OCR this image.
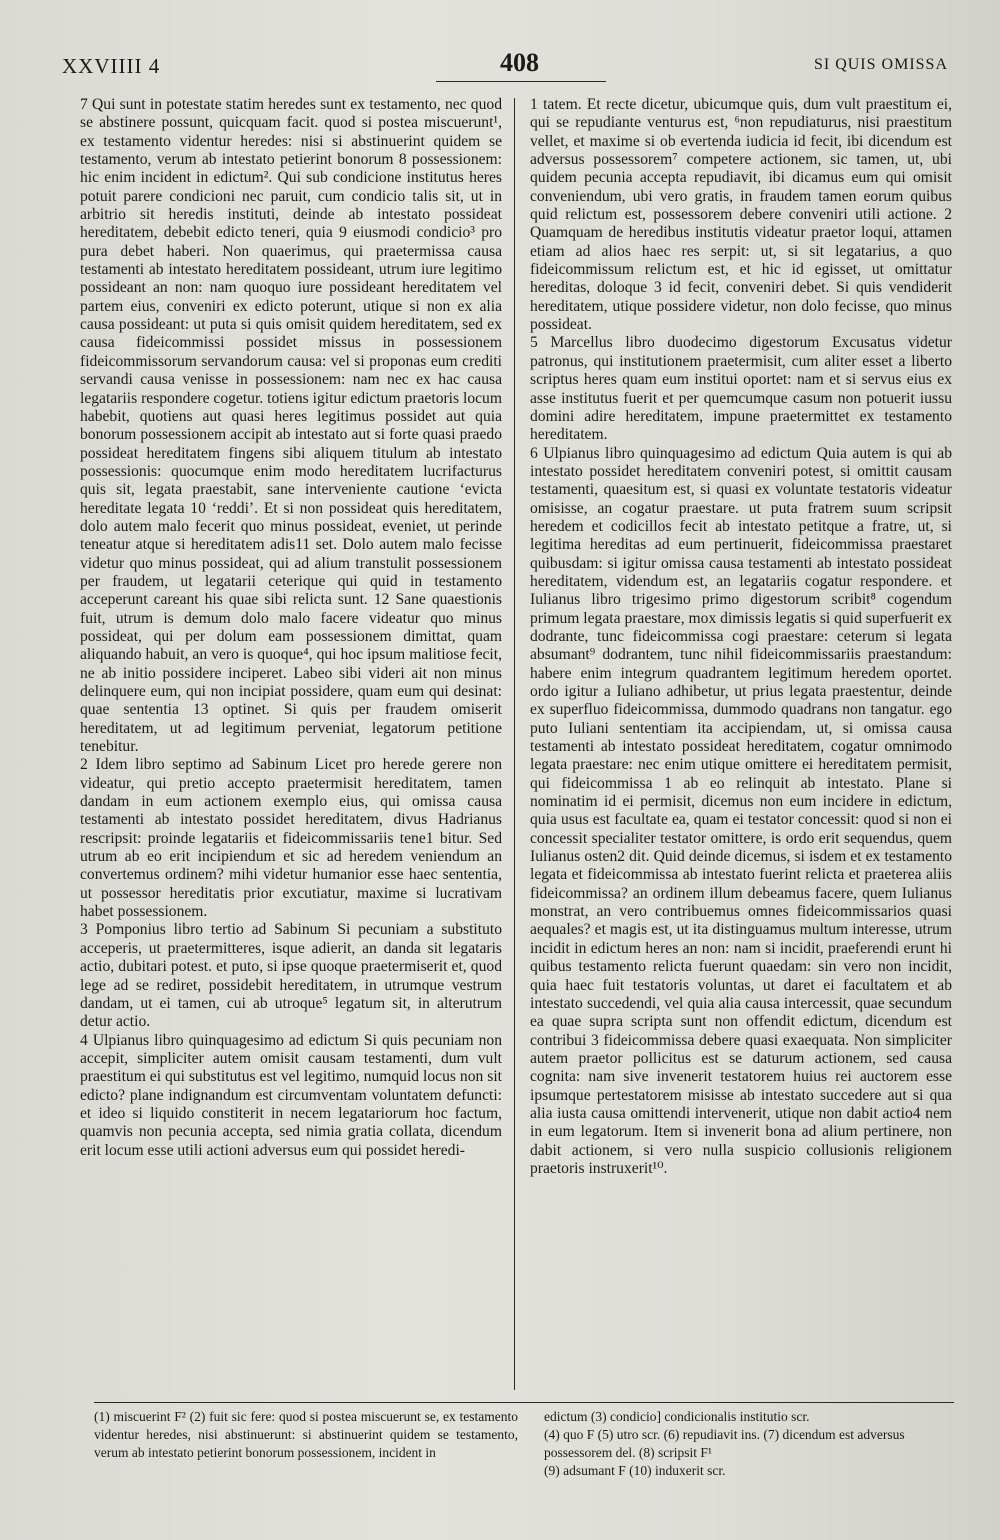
XXVIIII 4	408	SI QUIS OMISSA

7 Qui sunt in potestate statim heredes sunt ex testamento, nec quod se abstinere possunt, quicquam facit. quod si postea miscuerunt¹, ex testamento videntur heredes: nisi si abstinuerint quidem se testamento, verum ab intestato petierint bonorum 8 possessionem: hic enim incident in edictum². Qui sub condicione institutus heres potuit parere condicioni nec paruit, cum condicio talis sit, ut in arbitrio sit heredis instituti, deinde ab intestato possideat hereditatem, debebit edicto teneri, quia 9 eiusmodi condicio³ pro pura debet haberi. Non quaerimus, qui praetermissa causa testamenti ab intestato hereditatem possideant, utrum iure legitimo possideant an non: nam quoquo iure possideant hereditatem vel partem eius, conveniri ex edicto poterunt, utique si non ex alia causa possideant: ut puta si quis omisit quidem hereditatem, sed ex causa fideicommissi possidet missus in possessionem fideicommissorum servandorum causa: vel si proponas eum crediti servandi causa venisse in possessionem: nam nec ex hac causa legatariis respondere cogetur. totiens igitur edictum praetoris locum habebit, quotiens aut quasi heres legitimus possidet aut quia bonorum possessionem accipit ab intestato aut si forte quasi praedo possideat hereditatem fingens sibi aliquem titulum ab intestato possessionis: quocumque enim modo hereditatem lucrifacturus quis sit, legata praestabit, sane interveniente cautione ‘evicta hereditate legata 10 ‘reddi’. Et si non possideat quis hereditatem, dolo autem malo fecerit quo minus possideat, eveniet, ut perinde teneatur atque si hereditatem adis11 set. Dolo autem malo fecisse videtur quo minus possideat, qui ad alium transtulit possessionem per fraudem, ut legatarii ceterique qui quid in testamento acceperunt careant his quae sibi relicta sunt. 12 Sane quaestionis fuit, utrum is demum dolo malo facere videatur quo minus possideat, qui per dolum eam possessionem dimittat, quam aliquando habuit, an vero is quoque⁴, qui hoc ipsum malitiose fecit, ne ab initio possidere inciperet. Labeo sibi videri ait non minus delinquere eum, qui non incipiat possidere, quam eum qui desinat: quae sententia 13 optinet. Si quis per fraudem omiserit hereditatem, ut ad legitimum perveniat, legatorum petitione tenebitur.

2 Idem libro septimo ad Sabinum Licet pro herede gerere non videatur, qui pretio accepto praetermisit hereditatem, tamen dandam in eum actionem exemplo eius, qui omissa causa testamenti ab intestato possidet hereditatem, divus Hadrianus rescripsit: proinde legatariis et fideicommissariis tene1 bitur. Sed utrum ab eo erit incipiendum et sic ad heredem veniendum an convertemus ordinem? mihi videtur humanior esse haec sententia, ut possessor hereditatis prior excutiatur, maxime si lucrativam habet possessionem.

3 Pomponius libro tertio ad Sabinum Si pecuniam a substituto acceperis, ut praetermitteres, isque adierit, an danda sit legataris actio, dubitari potest. et puto, si ipse quoque praetermiserit et, quod lege ad se rediret, possidebit hereditatem, in utrumque vestrum dandam, ut ei tamen, cui ab utroque⁵ legatum sit, in alterutrum detur actio.

4 Ulpianus libro quinquagesimo ad edictum Si quis pecuniam non accepit, simpliciter autem omisit causam testamenti, dum vult praestitum ei qui substitutus est vel legitimo, numquid locus non sit edicto? plane indignandum est circumventam voluntatem defuncti: et ideo si liquido constiterit in necem legatariorum hoc factum, quamvis non pecunia accepta, sed nimia gratia collata, dicendum erit locum esse utili actioni adversus eum qui possidet heredi-

1 tatem. Et recte dicetur, ubicumque quis, dum vult praestitum ei, qui se repudiante venturus est, ⁶non repudiaturus, nisi praestitum vellet, et maxime si ob evertenda iudicia id fecit, ibi dicendum est adversus possessorem⁷ competere actionem, sic tamen, ut, ubi quidem pecunia accepta repudiavit, ibi dicamus eum qui omisit conveniendum, ubi vero gratis, in fraudem tamen eorum quibus quid relictum est, possessorem debere conveniri utili actione. 2 Quamquam de heredibus institutis videatur praetor loqui, attamen etiam ad alios haec res serpit: ut, si sit legatarius, a quo fideicommissum relictum est, et hic id egisset, ut omittatur hereditas, doloque 3 id fecit, conveniri debet. Si quis vendiderit hereditatem, utique possidere videtur, non dolo fecisse, quo minus possideat.

5 Marcellus libro duodecimo digestorum Excusatus videtur patronus, qui institutionem praetermisit, cum aliter esset a liberto scriptus heres quam eum institui oportet: nam et si servus eius ex asse institutus fuerit et per quemcumque casum non potuerit iussu domini adire hereditatem, impune praetermittet ex testamento hereditatem.

6 Ulpianus libro quinquagesimo ad edictum Quia autem is qui ab intestato possidet hereditatem conveniri potest, si omittit causam testamenti, quaesitum est, si quasi ex voluntate testatoris videatur omisisse, an cogatur praestare. ut puta fratrem suum scripsit heredem et codicillos fecit ab intestato petitque a fratre, ut, si legitima hereditas ad eum pertinuerit, fideicommissa praestaret quibusdam: si igitur omissa causa testamenti ab intestato possideat hereditatem, videndum est, an legatariis cogatur respondere. et Iulianus libro trigesimo primo digestorum scribit⁸ cogendum primum legata praestare, mox dimissis legatis si quid superfuerit ex dodrante, tunc fideicommissa cogi praestare: ceterum si legata absumant⁹ dodrantem, tunc nihil fideicommissariis praestandum: habere enim integrum quadrantem legitimum heredem oportet. ordo igitur a Iuliano adhibetur, ut prius legata praestentur, deinde ex superfluo fideicommissa, dummodo quadrans non tangatur. ego puto Iuliani sententiam ita accipiendam, ut, si omissa causa testamenti ab intestato possideat hereditatem, cogatur omnimodo legata praestare: nec enim utique omittere ei hereditatem permisit, qui fideicommissa 1 ab eo relinquit ab intestato. Plane si nominatim id ei permisit, dicemus non eum incidere in edictum, quia usus est facultate ea, quam ei testator concessit: quod si non ei concessit specialiter testator omittere, is ordo erit sequendus, quem Iulianus osten2 dit. Quid deinde dicemus, si isdem et ex testamento legata et fideicommissa ab intestato fuerint relicta et praeterea aliis fideicommissa? an ordinem illum debeamus facere, quem Iulianus monstrat, an vero contribuemus omnes fideicommissarios quasi aequales? et magis est, ut ita distinguamus multum interesse, utrum incidit in edictum heres an non: nam si incidit, praeferendi erunt hi quibus testamento relicta fuerunt quaedam: sin vero non incidit, quia haec fuit testatoris voluntas, ut daret ei facultatem et ab intestato succedendi, vel quia alia causa intercessit, quae secundum ea quae supra scripta sunt non offendit edictum, dicendum est contribui 3 fideicommissa debere quasi exaequata. Non simpliciter autem praetor pollicitus est se daturum actionem, sed causa cognita: nam sive invenerit testatorem huius rei auctorem esse ipsumque pertestatorem misisse ab intestato succedere aut si qua alia iusta causa omittendi intervenerit, utique non dabit actio4 nem in eum legatorum. Item si invenerit bona ad alium pertinere, non dabit actionem, si vero nulla suspicio collusionis religionem praetoris instruxerit¹⁰.

(1) miscuerint F² (2) fuit sic fere: quod si postea miscuerunt se, ex testamento videntur heredes, nisi abstinuerunt: si abstinuerint quidem se testamento, verum ab intestato petierint bonorum possessionem, incident in
edictum (3) condicio] condicionalis institutio scr.
(4) quo F (5) utro scr. (6) repudiavit ins. (7) dicendum est adversus possessorem del. (8) scripsit F¹
(9) adsumant F (10) induxerit scr.
